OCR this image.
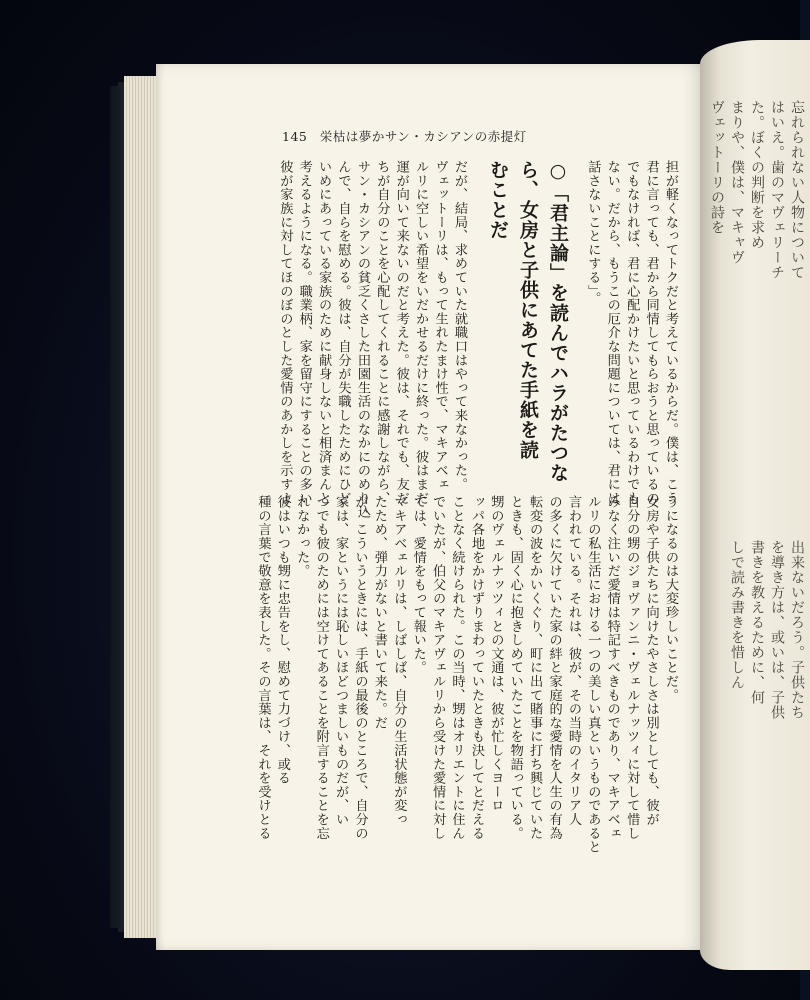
忘れられない人物について
はいえ。歯のマヴェリーチ
た。ぼくの判断を求め
まりや、僕は、マキャヴ
ヴェットーリの詩を
出来ないだろう。子供たち
を導き方は、或いは、子供
書きを教えるために、何
しで読み書きを惜しん
145 栄枯は夢かサン・カシアンの赤提灯
担が軽くなってトクだと考えているからだ。僕は、こう
君に言っても、君から同情してもらおうと思っているの
でもなければ、君に心配かけたいと思っているわけでも
ない。だから、もうこの厄介な問題については、君には
話さないことにする」。
○「君主論」を読んでハラがたつな
ら、女房と子供にあてた手紙を読
むことだ
だが、結局、求めていた就職口はやって来なかった。
ヴェットーリは、もって生れたまけ性で、マキアベェ
ルリに空しい希望をいだかせるだけに終った。彼はまだ
運が向いて来ないのだと考えた。彼は、それでも、友だ
ちが自分のことを心配してくれることに感謝しながら、
サン・カシアンの貧乏くさした田園生活のなかにのめり込
んで、自らを慰める。彼は、自分が失職したためにひど
いめにあっている家族のために献身しないと相済まんと
考えるようになる。職業柄、家を留守にすることの多い
彼が家族に対してほのぼのとした愛情のあかしを示すよ
うになるのは大変珍しいことだ。
女房や子供たちに向けたやさしさは別としても、彼が
自分の甥のジョヴァンニ・ヴェルナッツィに対して惜し
みなく注いだ愛情は特記すべきものであり、マキアベェ
ルリの私生活における一つの美しい真というものであると
言われている。それは、彼が、その当時のイタリア人
の多くに欠けていた家の絆と家庭的な愛情を人生の有為
転変の波をかいくぐり、町に出て賭事に打ち興じていた
ときも、固く心に抱きしめていたことを物語っている。
甥のヴェルナッツィとの文通は、彼が忙しくヨーロ
ッパ各地をかけずりまわっていたときも決してとだえる
ことなく続けられた。この当時、甥はオリエントに住ん
でいたが、伯父のマキアヴェルリから受けた愛情に対し
ては、愛情をもって報いた。
マキアベェルリは、しばしば、自分の生活状態が変っ
たため、弾力がないと書いて来た。だ
が、こういうときには、手紙の最後のところで、自分の
家は、家というには恥しいほどつましいものだが、い
つでも彼のためには空けてあることを附言することを忘
れなかった。
彼はいつも甥に忠告をし、慰めて力づけ、或る
種の言葉で敬意を表した。その言葉は、それを受けとる
